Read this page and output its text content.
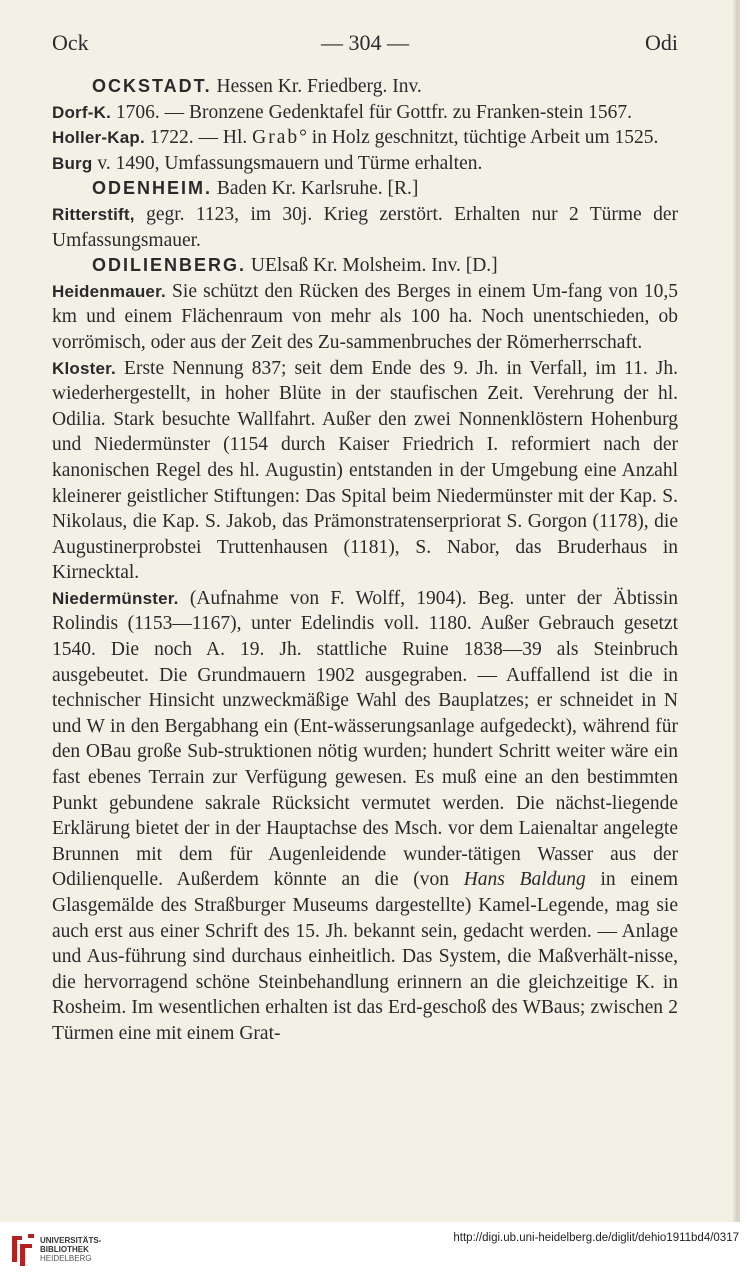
Ock	— 304 —	Odi

OCKSTADT. Hessen Kr. Friedberg. Inv.

Dorf-K. 1706. — Bronzene Gedenktafel für Gottfr. zu Franken-stein 1567.

Holler-Kap. 1722. — Hl. Grab° in Holz geschnitzt, tüchtige Arbeit um 1525.

Burg v. 1490, Umfassungsmauern und Türme erhalten.

ODENHEIM. Baden Kr. Karlsruhe. [R.]

Ritterstift, gegr. 1123, im 30j. Krieg zerstört. Erhalten nur 2 Türme der Umfassungsmauer.

ODILIENBERG. UElsaß Kr. Molsheim. Inv. [D.]

Heidenmauer. Sie schützt den Rücken des Berges in einem Um-fang von 10,5 km und einem Flächenraum von mehr als 100 ha. Noch unentschieden, ob vorrömisch, oder aus der Zeit des Zu-sammenbruches der Römerherrschaft.

Kloster. Erste Nennung 837; seit dem Ende des 9. Jh. in Verfall, im 11. Jh. wiederhergestellt, in hoher Blüte in der staufischen Zeit. Verehrung der hl. Odilia. Stark besuchte Wallfahrt. Außer den zwei Nonnenklöstern Hohenburg und Niedermünster (1154 durch Kaiser Friedrich I. reformiert nach der kanonischen Regel des hl. Augustin) entstanden in der Umgebung eine Anzahl kleinerer geistlicher Stiftungen: Das Spital beim Niedermünster mit der Kap. S. Nikolaus, die Kap. S. Jakob, das Prämonstratenserpriorat S. Gorgon (1178), die Augustinerprobstei Truttenhausen (1181), S. Nabor, das Bruderhaus in Kirnecktal.

Niedermünster. (Aufnahme von F. Wolff, 1904). Beg. unter der Äbtissin Rolindis (1153—1167), unter Edelindis voll. 1180. Außer Gebrauch gesetzt 1540. Die noch A. 19. Jh. stattliche Ruine 1838—39 als Steinbruch ausgebeutet. Die Grundmauern 1902 ausgegraben. — Auffallend ist die in technischer Hinsicht unzweckmäßige Wahl des Bauplatzes; er schneidet in N und W in den Bergabhang ein (Ent-wässerungsanlage aufgedeckt), während für den OBau große Sub-struktionen nötig wurden; hundert Schritt weiter wäre ein fast ebenes Terrain zur Verfügung gewesen. Es muß eine an den bestimmten Punkt gebundene sakrale Rücksicht vermutet werden. Die nächst-liegende Erklärung bietet der in der Hauptachse des Msch. vor dem Laienaltar angelegte Brunnen mit dem für Augenleidende wunder-tätigen Wasser aus der Odilienquelle. Außerdem könnte an die (von Hans Baldung in einem Glasgemälde des Straßburger Museums dargestellte) Kamel-Legende, mag sie auch erst aus einer Schrift des 15. Jh. bekannt sein, gedacht werden. — Anlage und Aus-führung sind durchaus einheitlich. Das System, die Maßverhält-nisse, die hervorragend schöne Steinbehandlung erinnern an die gleichzeitige K. in Rosheim. Im wesentlichen erhalten ist das Erd-geschoß des WBaus; zwischen 2 Türmen eine mit einem Grat-

UNIVERSITÄTS-
BIBLIOTHEK
HEIDELBERG
http://digi.ub.uni-heidelberg.de/diglit/dehio1911bd4/0317
